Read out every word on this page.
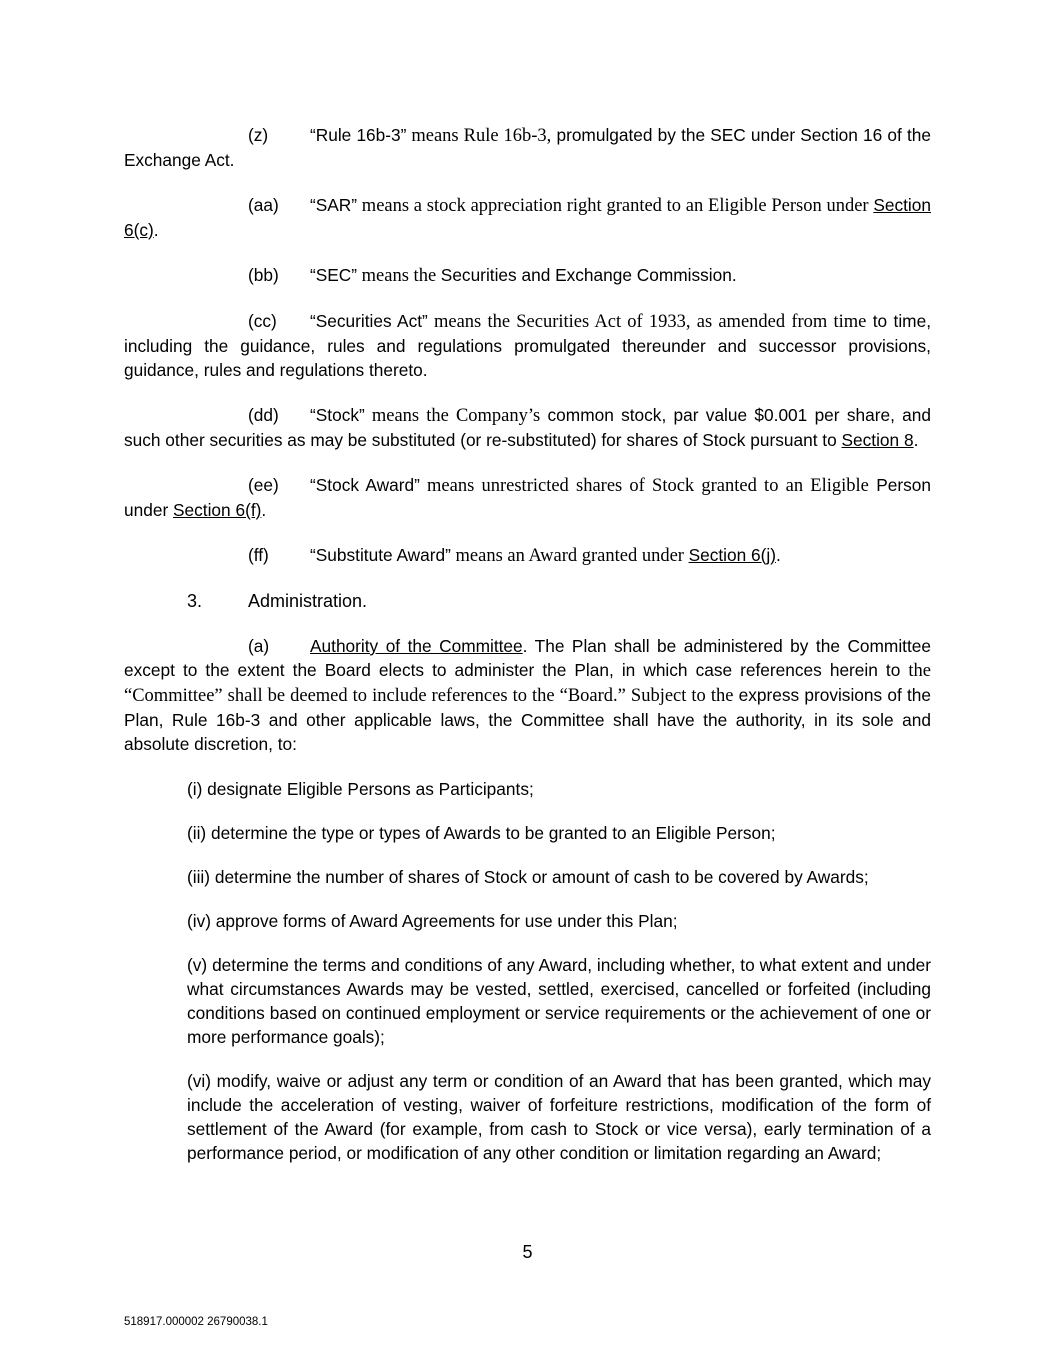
(z) “Rule 16b-3” means Rule 16b-3, promulgated by the SEC under Section 16 of the Exchange Act.

(aa) “SAR” means a stock appreciation right granted to an Eligible Person under Section 6(c).

(bb) “SEC” means the Securities and Exchange Commission.

(cc) “Securities Act” means the Securities Act of 1933, as amended from time to time, including the guidance, rules and regulations promulgated thereunder and successor provisions, guidance, rules and regulations thereto.

(dd) “Stock” means the Company’s common stock, par value $0.001 per share, and such other securities as may be substituted (or re-substituted) for shares of Stock pursuant to Section 8.

(ee) “Stock Award” means unrestricted shares of Stock granted to an Eligible Person under Section 6(f).

(ff) “Substitute Award” means an Award granted under Section 6(j).

3.	Administration.

(a) Authority of the Committee. The Plan shall be administered by the Committee except to the extent the Board elects to administer the Plan, in which case references herein to the “Committee” shall be deemed to include references to the “Board.” Subject to the express provisions of the Plan, Rule 16b-3 and other applicable laws, the Committee shall have the authority, in its sole and absolute discretion, to:

(i) designate Eligible Persons as Participants;

(ii) determine the type or types of Awards to be granted to an Eligible Person;

(iii) determine the number of shares of Stock or amount of cash to be covered by Awards;

(iv) approve forms of Award Agreements for use under this Plan;

(v) determine the terms and conditions of any Award, including whether, to what extent and under what circumstances Awards may be vested, settled, exercised, cancelled or forfeited (including conditions based on continued employment or service requirements or the achievement of one or more performance goals);

(vi) modify, waive or adjust any term or condition of an Award that has been granted, which may include the acceleration of vesting, waiver of forfeiture restrictions, modification of the form of settlement of the Award (for example, from cash to Stock or vice versa), early termination of a performance period, or modification of any other condition or limitation regarding an Award;

5
518917.000002 26790038.1
